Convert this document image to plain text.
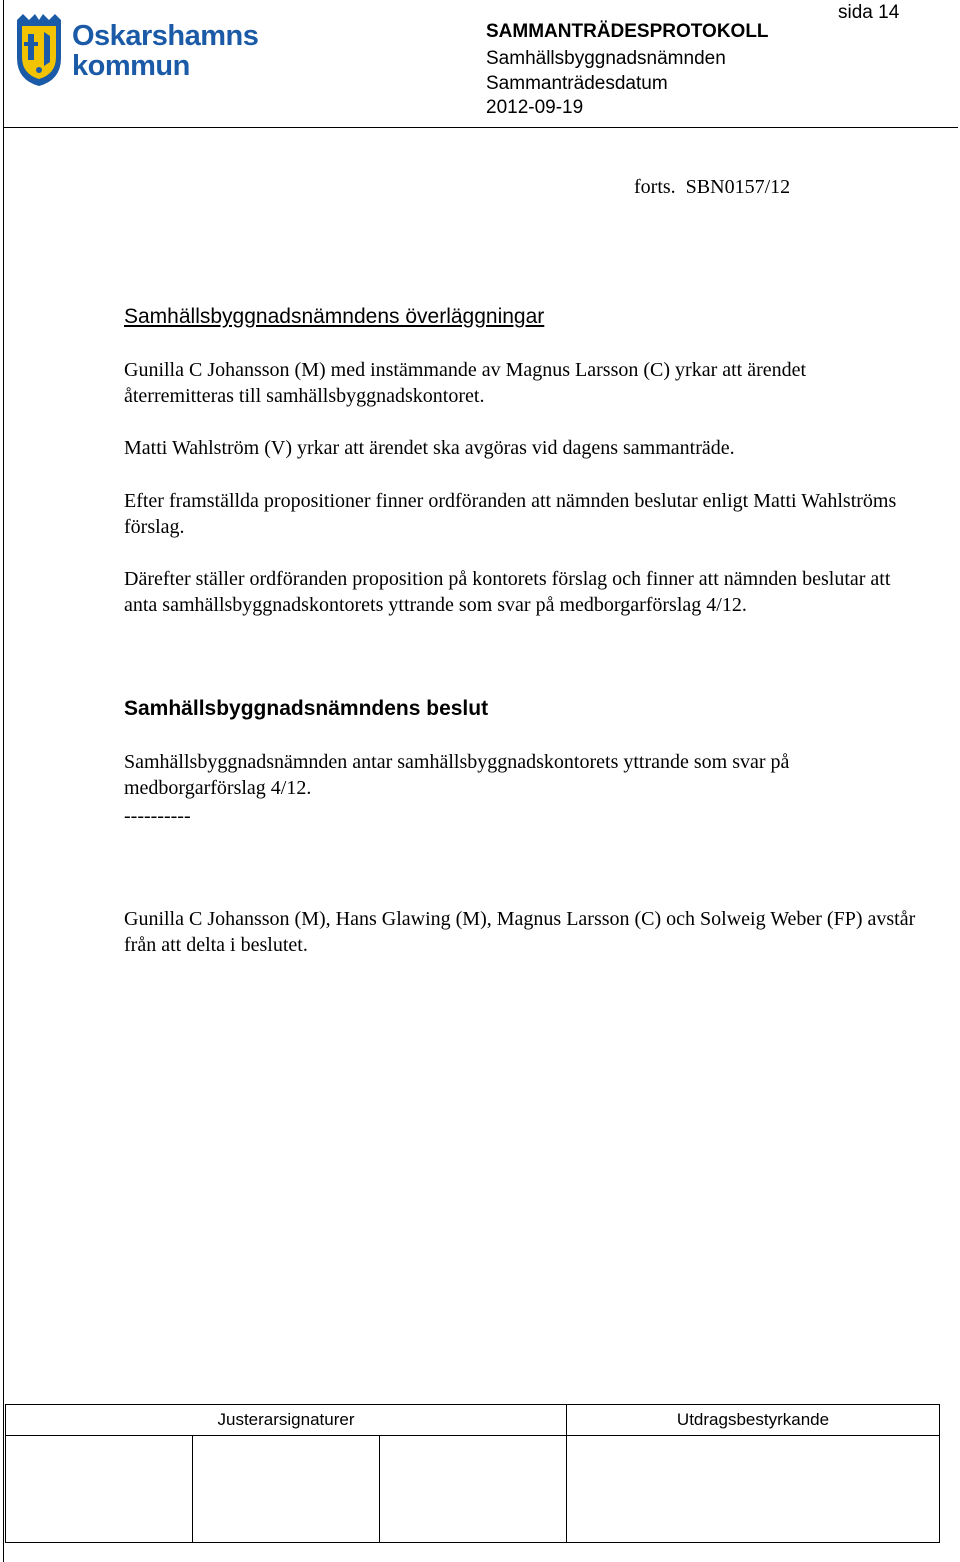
sida 14
Oskarshamns
kommun
SAMMANTRÄDESPROTOKOLL
Samhällsbyggnadsnämnden
Sammanträdesdatum
2012-09-19
forts.  SBN0157/12
Samhällsbyggnadsnämndens överläggningar
Gunilla C Johansson (M) med instämmande av Magnus Larsson (C) yrkar att ärendet återremitteras till samhällsbyggnadskontoret.
Matti Wahlström (V) yrkar att ärendet ska avgöras vid dagens sammanträde.
Efter framställda propositioner finner ordföranden att nämnden beslutar enligt Matti Wahlströms förslag.
Därefter ställer ordföranden proposition på kontorets förslag och finner att nämnden beslutar att anta samhällsbyggnadskontorets yttrande som svar på medborgarförslag 4/12.
Samhällsbyggnadsnämndens beslut
Samhällsbyggnadsnämnden antar samhällsbyggnadskontorets yttrande som svar på medborgarförslag 4/12.
----------
Gunilla C Johansson (M), Hans Glawing (M), Magnus Larsson (C) och Solweig Weber (FP) avstår från att delta i beslutet.
Justerarsignaturer			Utdragsbestyrkande
